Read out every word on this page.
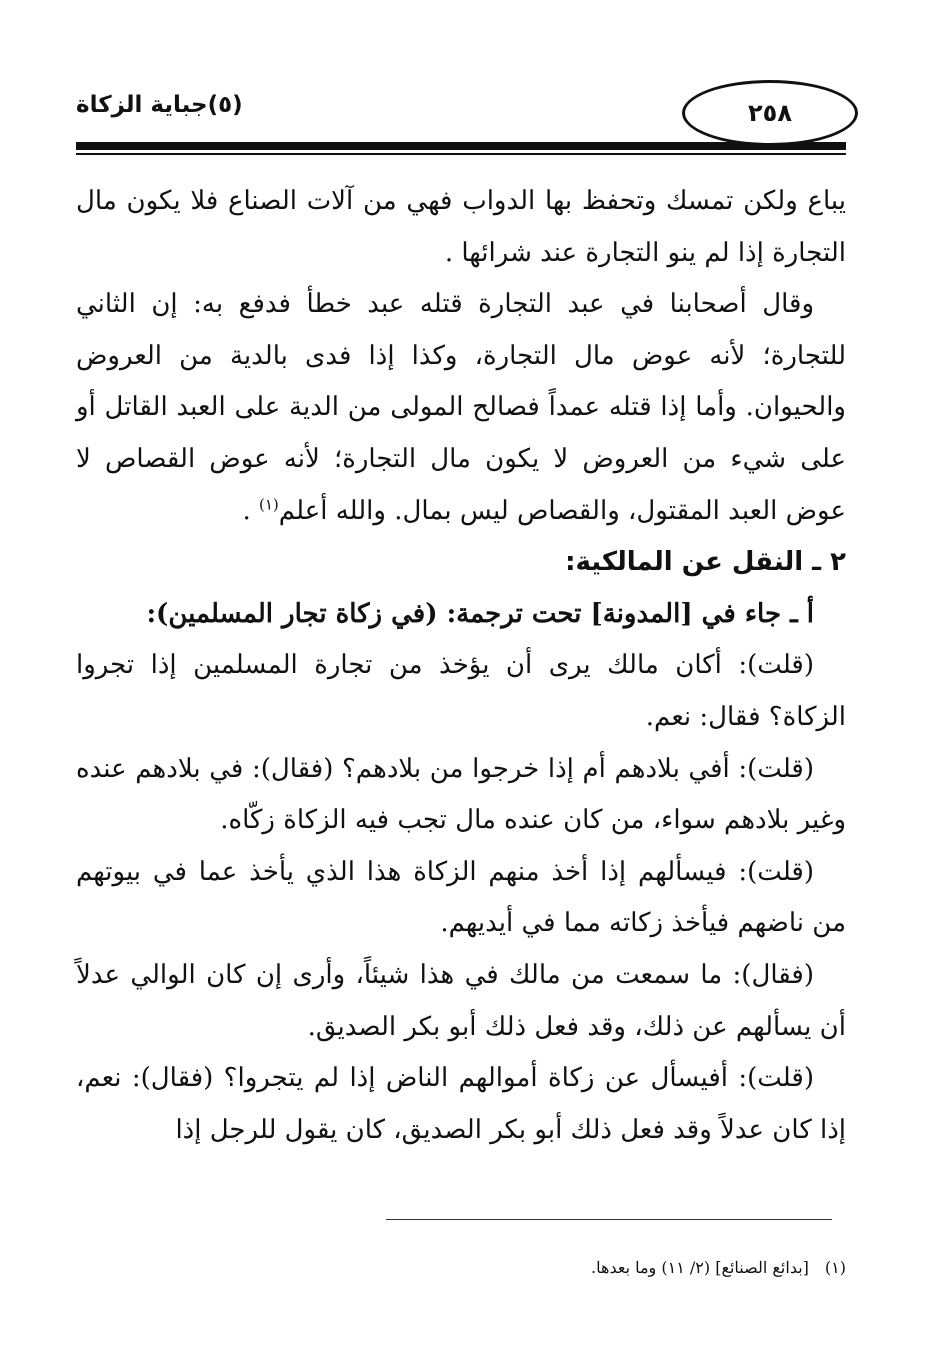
٢٥٨
(٥)جباية الزكاة

يباع ولكن تمسك وتحفظ بها الدواب فهي من آلات الصناع فلا يكون مال التجارة إذا لم ينو التجارة عند شرائها .

وقال أصحابنا في عبد التجارة قتله عبد خطأ فدفع به: إن الثاني للتجارة؛ لأنه عوض مال التجارة، وكذا إذا فدى بالدية من العروض والحيوان. وأما إذا قتله عمداً فصالح المولى من الدية على العبد القاتل أو على شيء من العروض لا يكون مال التجارة؛ لأنه عوض القصاص لا عوض العبد المقتول، والقصاص ليس بمال. والله أعلم$^{(١)}$ .

٢ ـ النقل عن المالكية:

أ ـ جاء في [المدونة] تحت ترجمة: (في زكاة تجار المسلمين):

(قلت): أكان مالك يرى أن يؤخذ من تجارة المسلمين إذا تجروا الزكاة؟ فقال: نعم.

(قلت): أفي بلادهم أم إذا خرجوا من بلادهم؟ (فقال): في بلادهم عنده وغير بلادهم سواء، من كان عنده مال تجب فيه الزكاة زكّاه.

(قلت): فيسألهم إذا أخذ منهم الزكاة هذا الذي يأخذ عما في بيوتهم من ناضهم فيأخذ زكاته مما في أيديهم.

(فقال): ما سمعت من مالك في هذا شيئاً، وأرى إن كان الوالي عدلاً أن يسألهم عن ذلك، وقد فعل ذلك أبو بكر الصديق.

(قلت): أفيسأل عن زكاة أموالهم الناض إذا لم يتجروا؟ (فقال): نعم، إذا كان عدلاً وقد فعل ذلك أبو بكر الصديق، كان يقول للرجل إذا

(١)[بدائع الصنائع] (٢/ ١١) وما بعدها.
